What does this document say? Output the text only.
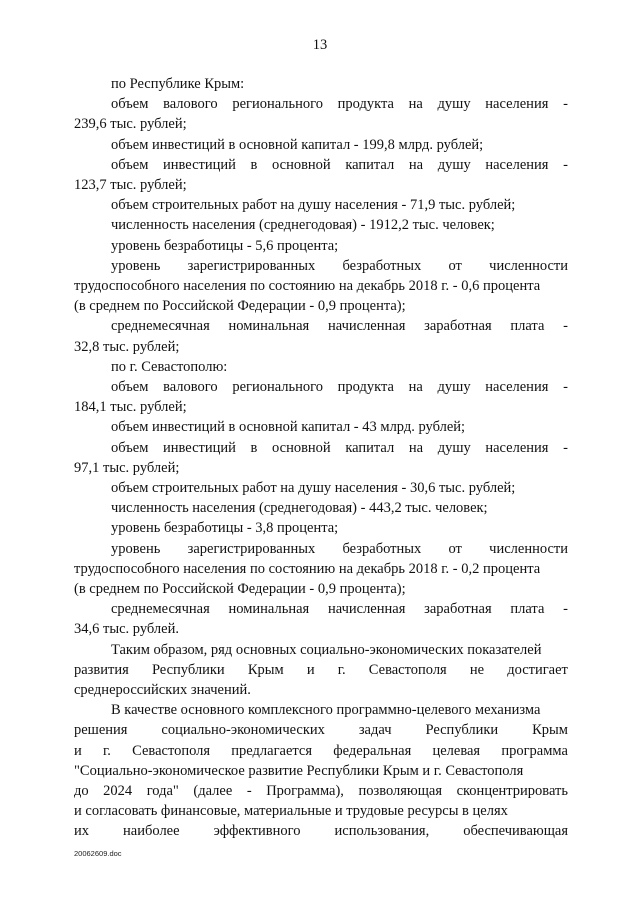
13
по Республике Крым:
объем валового регионального продукта на душу населения -
239,6 тыс. рублей;
объем инвестиций в основной капитал - 199,8 млрд. рублей;
объем инвестиций в основной капитал на душу населения -
123,7 тыс. рублей;
объем строительных работ на душу населения - 71,9 тыс. рублей;
численность населения (среднегодовая) - 1912,2 тыс. человек;
уровень безработицы - 5,6 процента;
уровень зарегистрированных безработных от численности
трудоспособного населения по состоянию на декабрь 2018 г. - 0,6 процента
(в среднем по Российской Федерации - 0,9 процента);
среднемесячная номинальная начисленная заработная плата -
32,8 тыс. рублей;
по г. Севастополю:
объем валового регионального продукта на душу населения -
184,1 тыс. рублей;
объем инвестиций в основной капитал - 43 млрд. рублей;
объем инвестиций в основной капитал на душу населения -
97,1 тыс. рублей;
объем строительных работ на душу населения - 30,6 тыс. рублей;
численность населения (среднегодовая) - 443,2 тыс. человек;
уровень безработицы - 3,8 процента;
уровень зарегистрированных безработных от численности
трудоспособного населения по состоянию на декабрь 2018 г. - 0,2 процента
(в среднем по Российской Федерации - 0,9 процента);
среднемесячная номинальная начисленная заработная плата -
34,6 тыс. рублей.
Таким образом, ряд основных социально-экономических показателей
развития Республики Крым и г. Севастополя не достигает
среднероссийских значений.
В качестве основного комплексного программно-целевого механизма
решения социально-экономических задач Республики Крым
и г. Севастополя предлагается федеральная целевая программа
"Социально-экономическое развитие Республики Крым и г. Севастополя
до 2024 года" (далее - Программа), позволяющая сконцентрировать
и согласовать финансовые, материальные и трудовые ресурсы в целях
их наиболее эффективного использования, обеспечивающая
20062609.doc
